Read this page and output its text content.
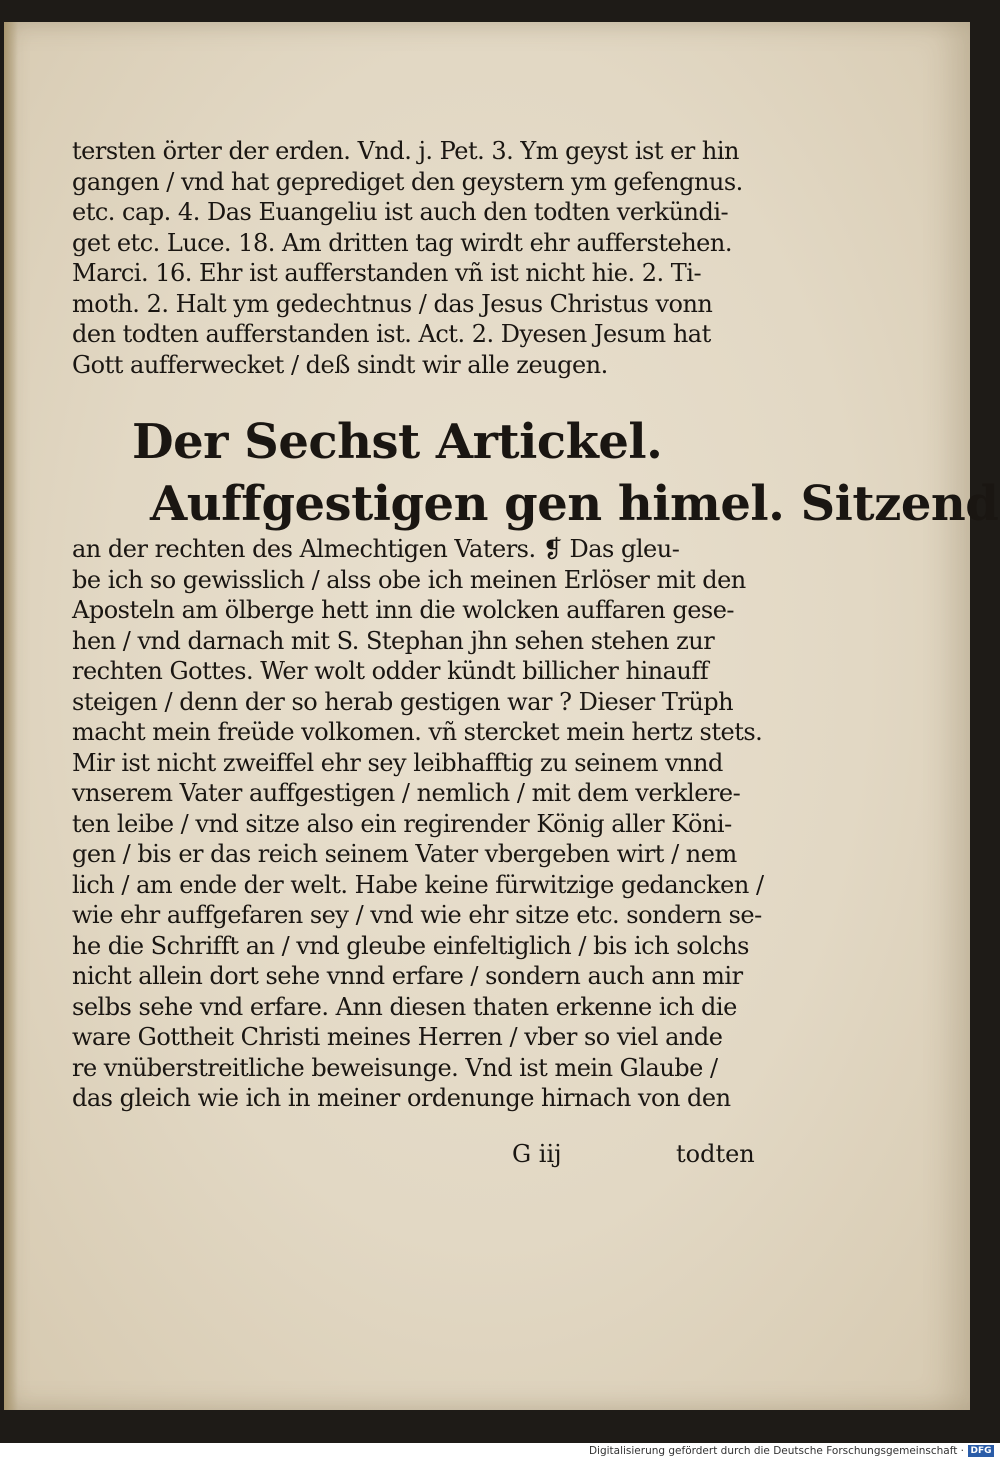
tersten örter der erden. Vnd. j. Pet. 3. Ym geyst ist er hin
gangen / vnd hat geprediget den geystern ym gefengnus.
etc. cap. 4. Das Euangeliu ist auch den todten verkündi-
get etc. Luce. 18. Am dritten tag wirdt ehr aufferstehen.
Marci. 16. Ehr ist aufferstanden vñ ist nicht hie. 2. Ti-
moth. 2. Halt ym gedechtnus / das Jesus Christus vonn
den todten aufferstanden ist. Act. 2. Dyesen Jesum hat
Gott aufferwecket / deß sindt wir alle zeugen.
Der Sechst Artickel.
Auffgestigen gen himel. Sitzend
an der rechten des Almechtigen Vaters. ❡ Das gleu-
be ich so gewisslich / alss obe ich meinen Erlöser mit den
Aposteln am ölberge hett inn die wolcken auffaren gese-
hen / vnd darnach mit S. Stephan jhn sehen stehen zur
rechten Gottes. Wer wolt odder kündt billicher hinauff
steigen / denn der so herab gestigen war ? Dieser Trüph
macht mein freüde volkomen. vñ stercket mein hertz stets.
Mir ist nicht zweiffel ehr sey leibhafftig zu seinem vnnd
vnserem Vater auffgestigen / nemlich / mit dem verklere-
ten leibe / vnd sitze also ein regirender König aller Köni-
gen / bis er das reich seinem Vater vbergeben wirt / nem
lich / am ende der welt. Habe keine fürwitzige gedancken /
wie ehr auffgefaren sey / vnd wie ehr sitze etc. sondern se-
he die Schrifft an / vnd gleube einfeltiglich / bis ich solchs
nicht allein dort sehe vnnd erfare / sondern auch ann mir
selbs sehe vnd erfare. Ann diesen thaten erkenne ich die
ware Gottheit Christi meines Herren / vber so viel ande
re vnüberstreitliche beweisunge. Vnd ist mein Glaube /
das gleich wie ich in meiner ordenunge hirnach von den
G iij	todten
Digitalisierung gefördert durch die Deutsche Forschungsgemeinschaft · DFG
